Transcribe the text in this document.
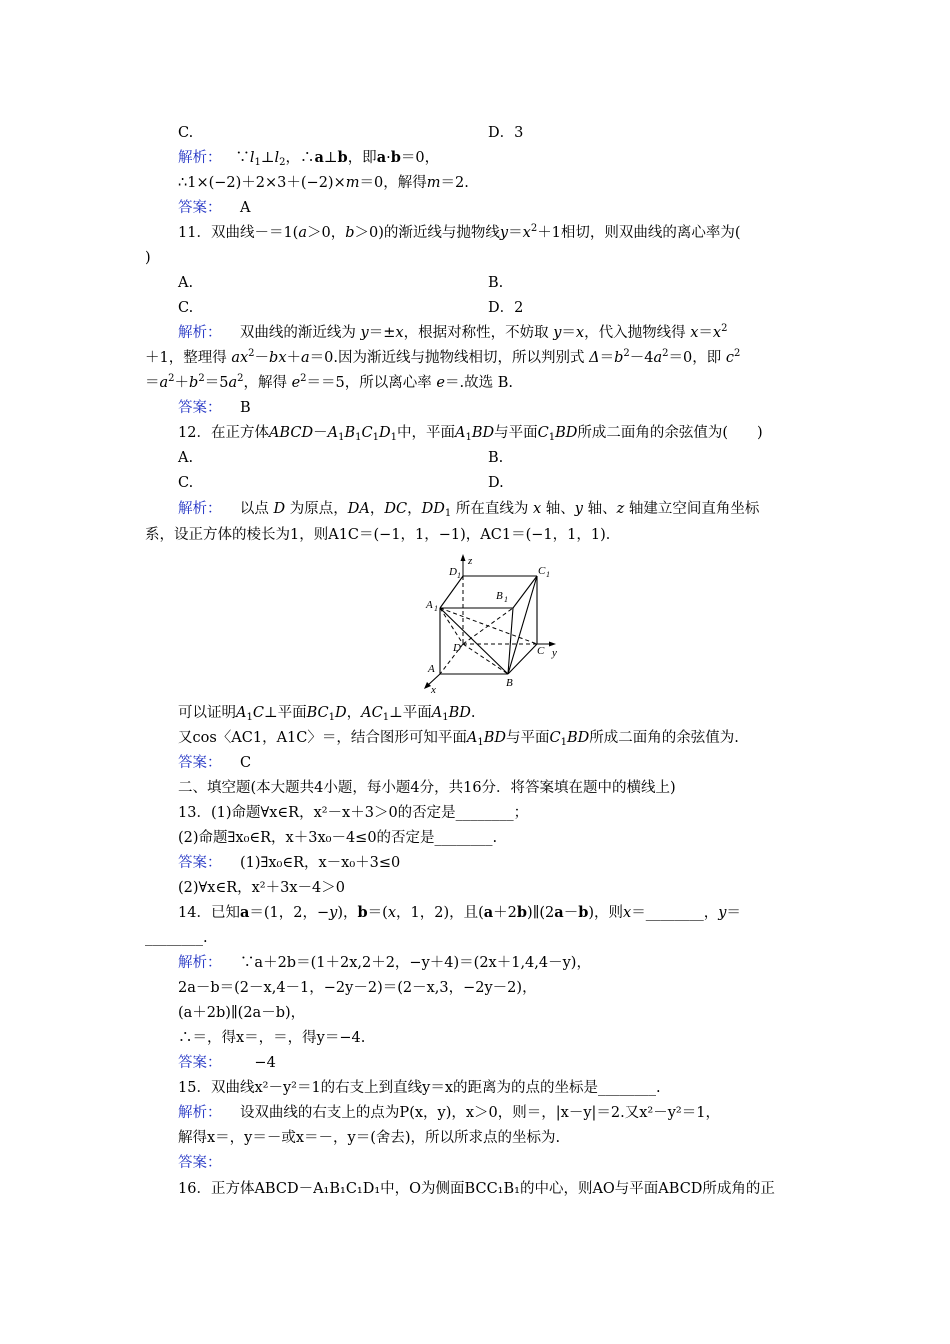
C.	D．3
解析： $\because l_1\perp l_2$，∴a⊥b，即a·b＝0，
∴1×(−2)＋2×3＋(−2)×m＝0，解得m＝2.
答案： A
11．双曲线－＝1(a＞0，b＞0)的渐近线与抛物线$y=x^2+1$相切，则双曲线的离心率为(
)
A.	B.
C.	D．2
解析：    双曲线的渐近线为 y＝±x，根据对称性，不妨取 y＝x，代入抛物线得 $x=x^2$
＋1，整理得 $ax^2-bx+a=0$.因为渐近线与抛物线相切，所以判别式 $\Delta=b^2-4a^2=0$，即 $c^2$
$=a^2+b^2=5a^2$，解得 $e^2==5$，所以离心率 e＝.故选 B.
答案： B
12．在正方体$ABCD-A_1B_1C_1D_1$中，平面$A_1BD$与平面$C_1BD$所成二面角的余弦值为(　　)
A.	B.
C.	D.
解析：    以点 D 为原点，DA，DC，$DD_1$ 所在直线为 x 轴、y 轴、z 轴建立空间直角坐标
系，设正方体的棱长为1，则A1C＝(−1，1，−1)，AC1＝(−1，1，1)．
z
D 1	C 1
B 1
A 1
D	C y
A
B
x
可以证明$A_1C\perp$平面$BC_1D$，$AC_1\perp$平面$A_1BD$.
又cos〈AC1，A1C〉＝，结合图形可知平面$A_1BD$与平面$C_1BD$所成二面角的余弦值为.
答案： C
二、填空题(本大题共4小题，每小题4分，共16分．将答案填在题中的横线上)
13．(1)命题∀x∈R，x²－x＋3＞0的否定是________；
(2)命题∃x₀∈R，x＋3x₀－4≤0的否定是________.
答案： (1)∃x₀∈R，x－x₀＋3≤0
(2)∀x∈R，x²＋3x－4＞0
14．已知a＝(1，2，−y)，b＝(x，1，2)，且(a＋2b)∥(2a－b)，则x＝________，y＝
________.
解析： ∵a＋2b＝(1＋2x,2＋2，−y＋4)＝(2x＋1,4,4－y)，
2a－b＝(2－x,4－1，−2y－2)＝(2－x,3，−2y－2)，
(a＋2b)∥(2a－b)，
∴＝，得x＝，＝，得y＝−4.
答案：    　−4
15．双曲线x²－y²＝1的右支上到直线y＝x的距离为的点的坐标是________.
解析： 设双曲线的右支上的点为P(x，y)，x＞0，则＝，|x－y|＝2.又x²－y²＝1，
解得x＝，y＝－或x＝－，y＝(舍去)，所以所求点的坐标为.
答案：
16．正方体ABCD－A₁B₁C₁D₁中，O为侧面BCC₁B₁的中心，则AO与平面ABCD所成角的正
